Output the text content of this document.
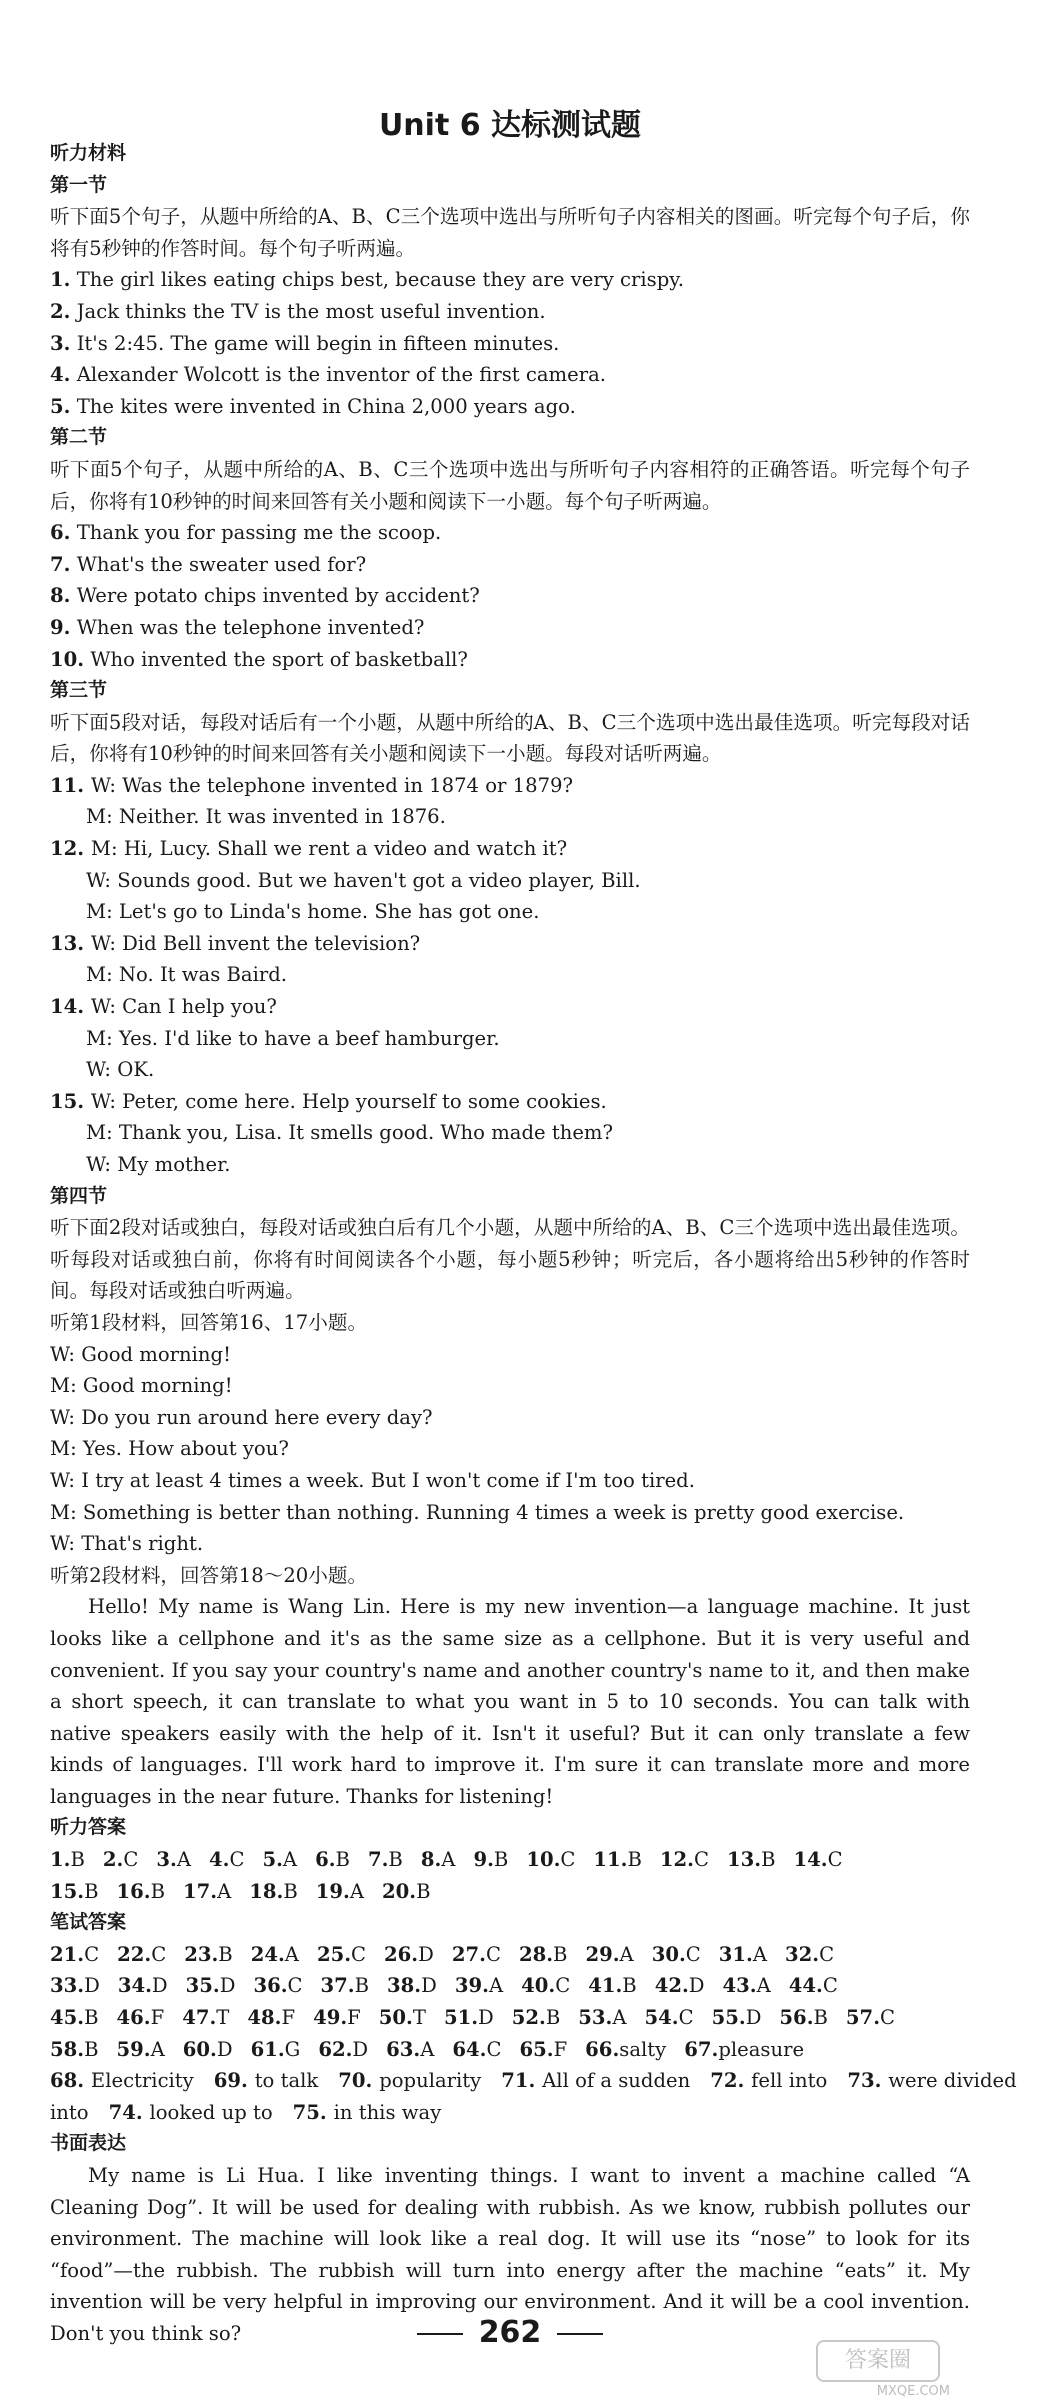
Unit 6 达标测试题
听力材料
第一节
听下面5个句子，从题中所给的A、B、C三个选项中选出与所听句子内容相关的图画。听完每个句子后，你将有5秒钟的作答时间。每个句子听两遍。
1. The girl likes eating chips best, because they are very crispy.
2. Jack thinks the TV is the most useful invention.
3. It's 2:45. The game will begin in fifteen minutes.
4. Alexander Wolcott is the inventor of the first camera.
5. The kites were invented in China 2,000 years ago.
第二节
听下面5个句子，从题中所给的A、B、C三个选项中选出与所听句子内容相符的正确答语。听完每个句子后，你将有10秒钟的时间来回答有关小题和阅读下一小题。每个句子听两遍。
6. Thank you for passing me the scoop.
7. What's the sweater used for?
8. Were potato chips invented by accident?
9. When was the telephone invented?
10. Who invented the sport of basketball?
第三节
听下面5段对话，每段对话后有一个小题，从题中所给的A、B、C三个选项中选出最佳选项。听完每段对话后，你将有10秒钟的时间来回答有关小题和阅读下一小题。每段对话听两遍。
11. W: Was the telephone invented in 1874 or 1879?
M: Neither. It was invented in 1876.
12. M: Hi, Lucy. Shall we rent a video and watch it?
W: Sounds good. But we haven't got a video player, Bill.
M: Let's go to Linda's home. She has got one.
13. W: Did Bell invent the television?
M: No. It was Baird.
14. W: Can I help you?
M: Yes. I'd like to have a beef hamburger.
W: OK.
15. W: Peter, come here. Help yourself to some cookies.
M: Thank you, Lisa. It smells good. Who made them?
W: My mother.
第四节
听下面2段对话或独白，每段对话或独白后有几个小题，从题中所给的A、B、C三个选项中选出最佳选项。听每段对话或独白前，你将有时间阅读各个小题，每小题5秒钟；听完后，各小题将给出5秒钟的作答时间。每段对话或独白听两遍。
听第1段材料，回答第16、17小题。
W: Good morning!
M: Good morning!
W: Do you run around here every day?
M: Yes. How about you?
W: I try at least 4 times a week. But I won't come if I'm too tired.
M: Something is better than nothing. Running 4 times a week is pretty good exercise.
W: That's right.
听第2段材料，回答第18～20小题。
Hello! My name is Wang Lin. Here is my new invention—a language machine. It just looks like a cellphone and it's as the same size as a cellphone. But it is very useful and convenient. If you say your country's name and another country's name to it, and then make a short speech, it can translate to what you want in 5 to 10 seconds. You can talk with native speakers easily with the help of it. Isn't it useful? But it can only translate a few kinds of languages. I'll work hard to improve it. I'm sure it can translate more and more languages in the near future. Thanks for listening!
听力答案
1.B 2.C 3.A 4.C 5.A 6.B 7.B 8.A 9.B 10.C 11.B 12.C 13.B 14.C
15.B 16.B 17.A 18.B 19.A 20.B
笔试答案
21.C 22.C 23.B 24.A 25.C 26.D 27.C 28.B 29.A 30.C 31.A 32.C
33.D 34.D 35.D 36.C 37.B 38.D 39.A 40.C 41.B 42.D 43.A 44.C
45.B 46.F 47.T 48.F 49.F 50.T 51.D 52.B 53.A 54.C 55.D 56.B 57.C
58.B 59.A 60.D 61.G 62.D 63.A 64.C 65.F 66.salty 67.pleasure
68. Electricity 69. to talk 70. popularity 71. All of a sudden 72. fell into 73. were divided
into 74. looked up to 75. in this way
书面表达
My name is Li Hua. I like inventing things. I want to invent a machine called “A Cleaning Dog”. It will be used for dealing with rubbish. As we know, rubbish pollutes our environment. The machine will look like a real dog. It will use its “nose” to look for its “food”—the rubbish. The rubbish will turn into energy after the machine “eats” it. My invention will be very helpful in improving our environment. And it will be a cool invention. Don't you think so?	262
答案圈
MXQE.COM
